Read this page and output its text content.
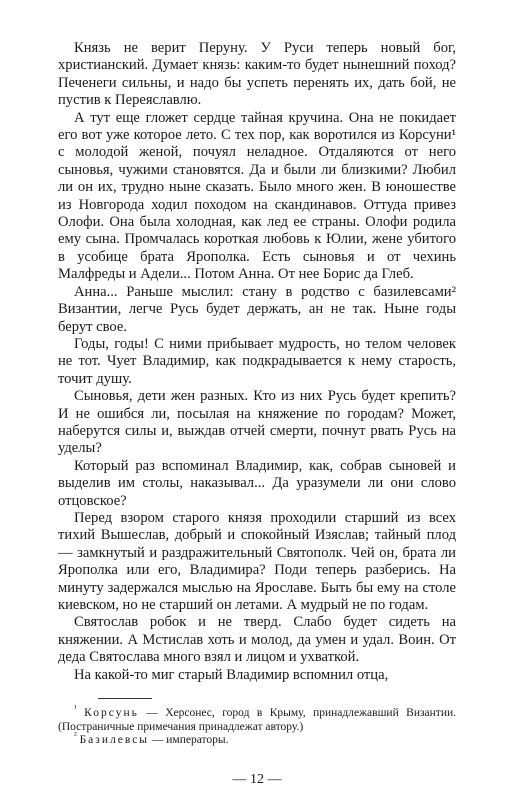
Князь не верит Перуну. У Руси теперь новый бог, христианский. Думает князь: каким-то будет нынешний поход? Печенеги сильны, и надо бы успеть перенять их, дать бой, не пустив к Переяславлю.

А тут еще гложет сердце тайная кручина. Она не покидает его вот уже которое лето. С тех пор, как воротился из Корсуни¹ с молодой женой, почуял неладное. Отдаляются от него сыновья, чужими становятся. Да и были ли близкими? Любил ли он их, трудно ныне сказать. Было много жен. В юношестве из Новгорода ходил походом на скандинавов. Оттуда привез Олофи. Она была холодная, как лед ее страны. Олофи родила ему сына. Промчалась короткая любовь к Юлии, жене убитого в усобице брата Ярополка. Есть сыновья и от чехинь Малфреды и Адели... Потом Анна. От нее Борис да Глеб.

Анна... Раньше мыслил: стану в родство с базилевсами² Византии, легче Русь будет держать, ан не так. Ныне годы берут свое.

Годы, годы! С ними прибывает мудрость, но телом человек не тот. Чует Владимир, как подкрадывается к нему старость, точит душу.

Сыновья, дети жен разных. Кто из них Русь будет крепить? И не ошибся ли, посылая на княжение по городам? Может, наберутся силы и, выждав отчей смерти, почнут рвать Русь на уделы?

Который раз вспоминал Владимир, как, собрав сыновей и выделив им столы, наказывал... Да уразумели ли они слово отцовское?

Перед взором старого князя проходили старший из всех тихий Вышеслав, добрый и спокойный Изяслав; тайный плод — замкнутый и раздражительный Святополк. Чей он, брата ли Ярополка или его, Владимира? Поди теперь разберись. На минуту задержался мыслью на Ярославе. Быть бы ему на столе киевском, но не старший он летами. А мудрый не по годам.

Святослав робок и не тверд. Слабо будет сидеть на княжении. А Мстислав хоть и молод, да умен и удал. Воин. От деда Святослава много взял и лицом и ухваткой.

На какой-то миг старый Владимир вспомнил отца,

$^{^1}$ Корсунь — Херсонес, город в Крыму, принадлежавший Византии. (Постраничные примечания принадлежат автору.)

$^{^2}$ Базилевсы — императоры.

— 12 —
